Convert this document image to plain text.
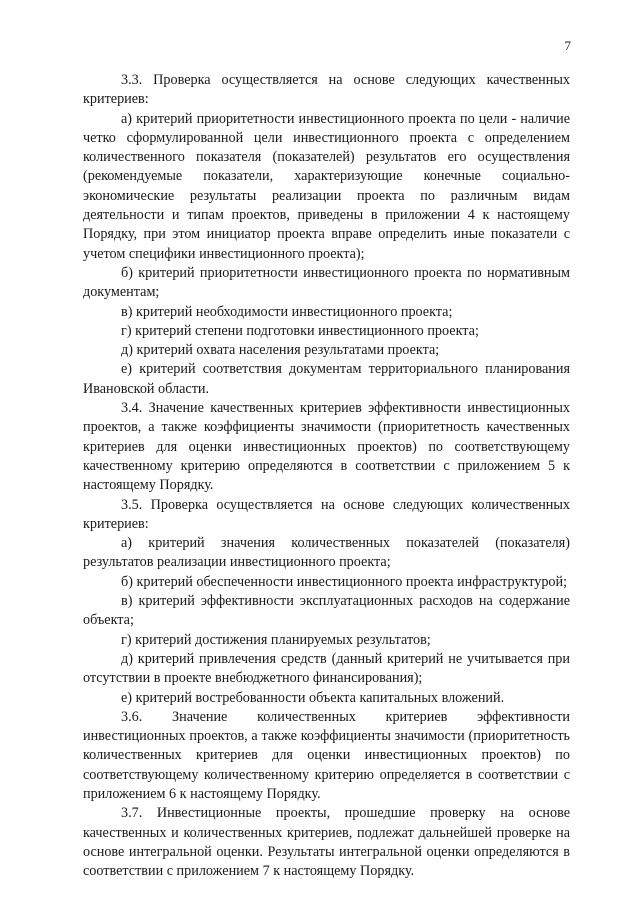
7

3.3. Проверка осуществляется на основе следующих качественных критериев:

а) критерий приоритетности инвестиционного проекта по цели - наличие четко сформулированной цели инвестиционного проекта с определением количественного показателя (показателей) результатов его осуществления (рекомендуемые показатели, характеризующие конечные социально-экономические результаты реализации проекта по различным видам деятельности и типам проектов, приведены в приложении 4 к настоящему Порядку, при этом инициатор проекта вправе определить иные показатели с учетом специфики инвестиционного проекта);

б) критерий приоритетности инвестиционного проекта по нормативным документам;

в) критерий необходимости инвестиционного проекта;

г) критерий степени подготовки инвестиционного проекта;

д) критерий охвата населения результатами проекта;

е) критерий соответствия документам территориального планирования Ивановской области.

3.4. Значение качественных критериев эффективности инвестиционных проектов, а также коэффициенты значимости (приоритетность качественных критериев для оценки инвестиционных проектов) по соответствующему качественному критерию определяются в соответствии с приложением 5 к настоящему Порядку.

3.5. Проверка осуществляется на основе следующих количественных критериев:

а) критерий значения количественных показателей (показателя) результатов реализации инвестиционного проекта;

б) критерий обеспеченности инвестиционного проекта инфраструктурой;

в) критерий эффективности эксплуатационных расходов на содержание объекта;

г) критерий достижения планируемых результатов;

д) критерий привлечения средств (данный критерий не учитывается при отсутствии в проекте внебюджетного финансирования);

е) критерий востребованности объекта капитальных вложений.

3.6. Значение количественных критериев эффективности инвестиционных проектов, а также коэффициенты значимости (приоритетность количественных критериев для оценки инвестиционных проектов) по соответствующему количественному критерию определяется в соответствии с приложением 6 к настоящему Порядку.

3.7. Инвестиционные проекты, прошедшие проверку на основе качественных и количественных критериев, подлежат дальнейшей проверке на основе интегральной оценки. Результаты интегральной оценки определяются в соответствии с приложением 7 к настоящему Порядку.
